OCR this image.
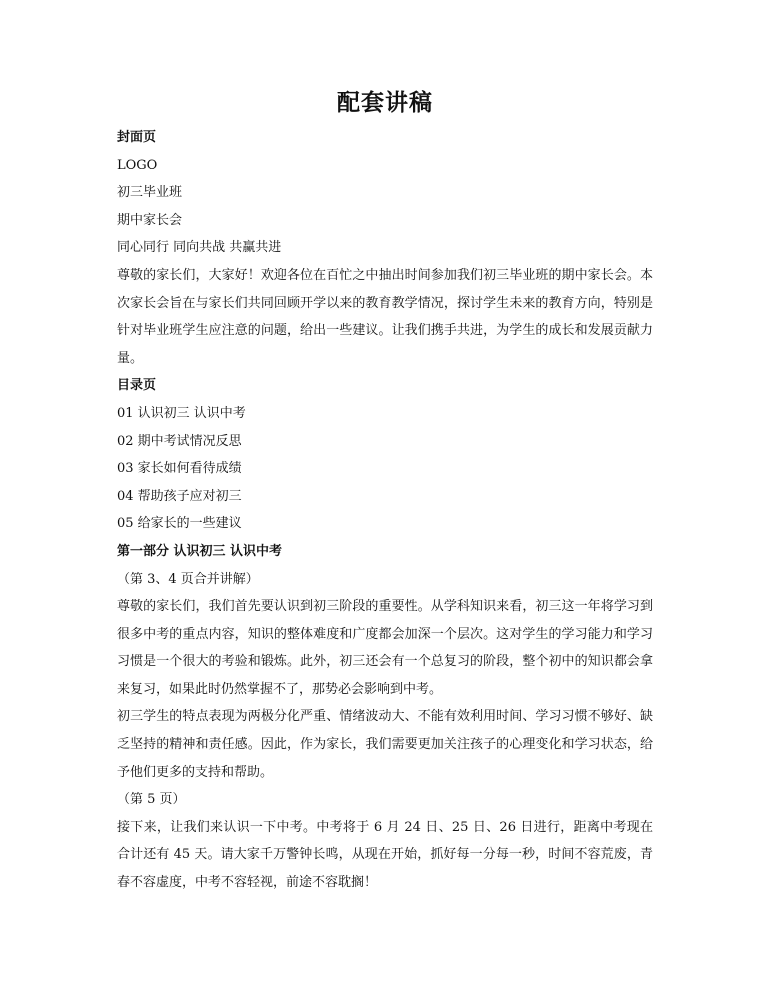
配套讲稿

封面页

LOGO

初三毕业班

期中家长会

同心同行 同向共战 共赢共进

尊敬的家长们，大家好！欢迎各位在百忙之中抽出时间参加我们初三毕业班的期中家长会。本次家长会旨在与家长们共同回顾开学以来的教育教学情况，探讨学生未来的教育方向，特别是针对毕业班学生应注意的问题，给出一些建议。让我们携手共进，为学生的成长和发展贡献力量。

目录页

01 认识初三 认识中考

02 期中考试情况反思

03 家长如何看待成绩

04 帮助孩子应对初三

05 给家长的一些建议

第一部分 认识初三 认识中考

（第 3、4 页合并讲解）

尊敬的家长们，我们首先要认识到初三阶段的重要性。从学科知识来看，初三这一年将学习到很多中考的重点内容，知识的整体难度和广度都会加深一个层次。这对学生的学习能力和学习习惯是一个很大的考验和锻炼。此外，初三还会有一个总复习的阶段，整个初中的知识都会拿来复习，如果此时仍然掌握不了，那势必会影响到中考。

初三学生的特点表现为两极分化严重、情绪波动大、不能有效利用时间、学习习惯不够好、缺乏坚持的精神和责任感。因此，作为家长，我们需要更加关注孩子的心理变化和学习状态，给予他们更多的支持和帮助。

（第 5 页）

接下来，让我们来认识一下中考。中考将于 6 月 24 日、25 日、26 日进行，距离中考现在合计还有 45 天。请大家千万警钟长鸣，从现在开始，抓好每一分每一秒，时间不容荒废，青春不容虚度，中考不容轻视，前途不容耽搁！
